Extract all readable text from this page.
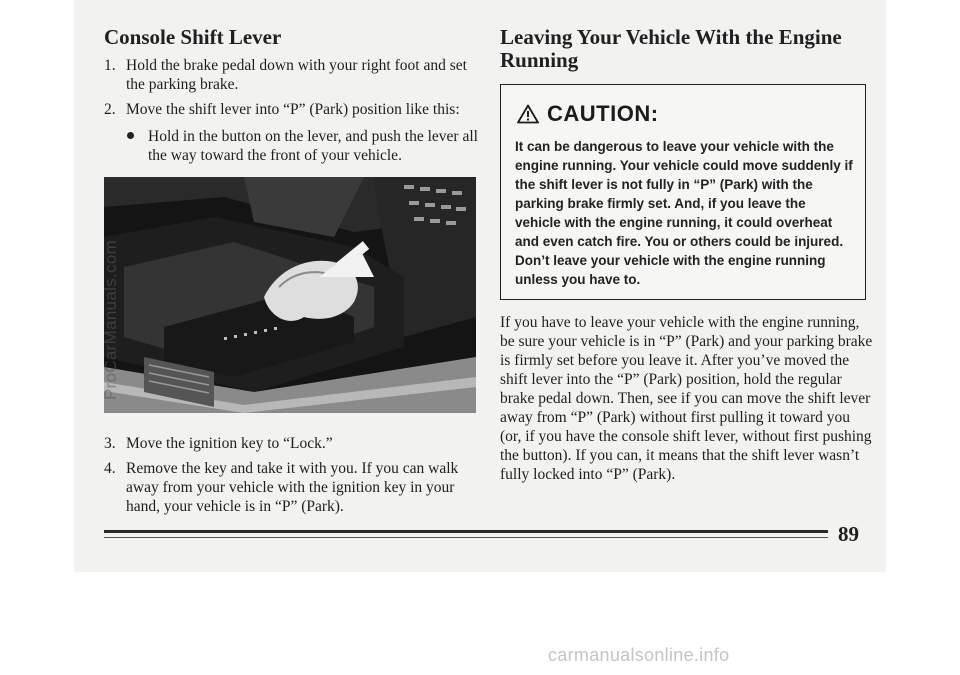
Console Shift Lever
1. Hold the brake pedal down with your right foot and set the parking brake.
2. Move the shift lever into “P” (Park) position like this:
Hold in the button on the lever, and push the lever all the way toward the front of your vehicle.
ProCarManuals.com
3. Move the ignition key to “Lock.”
4. Remove the key and take it with you. If you can walk away from your vehicle with the ignition key in your hand, your vehicle is in “P” (Park).
Leaving Your Vehicle With the Engine
Running
CAUTION:
It can be dangerous to leave your vehicle with the engine running. Your vehicle could move suddenly if the shift lever is not fully in “P” (Park) with the parking brake firmly set. And, if you leave the vehicle with the engine running, it could overheat and even catch fire. You or others could be injured. Don’t leave your vehicle with the engine running unless you have to.
If you have to leave your vehicle with the engine running, be sure your vehicle is in “P” (Park) and your parking brake is firmly set before you leave it. After you’ve moved the shift lever into the “P” (Park) position, hold the regular brake pedal down. Then, see if you can move the shift lever away from “P” (Park) without first pulling it toward you (or, if you have the console shift lever, without first pushing the button). If you can, it means that the shift lever wasn’t fully locked into “P” (Park).
89
carmanualsonline.info
